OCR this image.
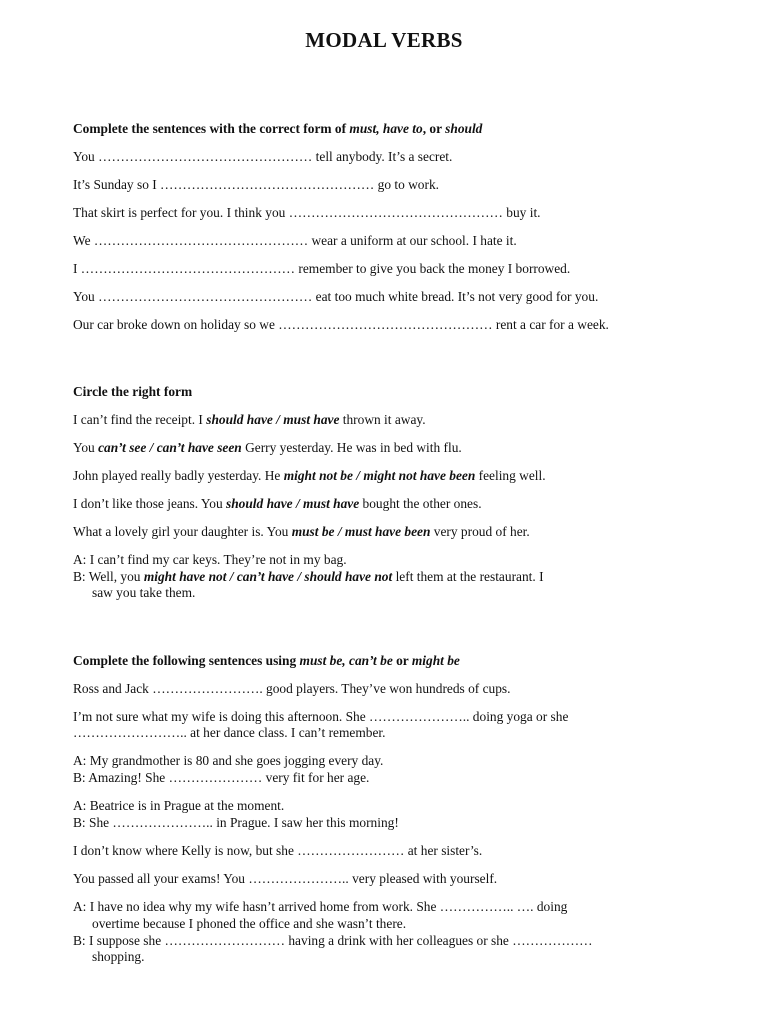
MODAL VERBS
Complete the sentences with the correct form of must, have to, or should
You ………………………………………… tell anybody. It’s a secret.
It’s Sunday so I ………………………………………… go to work.
That skirt is perfect for you. I think you ………………………………………… buy it.
We ………………………………………… wear a uniform at our school. I hate it.
I ………………………………………… remember to give you back the money I borrowed.
You ………………………………………… eat too much white bread. It’s not very good for you.
Our car broke down on holiday so we ………………………………………… rent a car for a week.
Circle the right form
I can’t find the receipt. I should have / must have thrown it away.
You can’t see / can’t have seen Gerry yesterday. He was in bed with flu.
John played really badly yesterday. He might not be / might not have been feeling well.
I don’t like those jeans. You should have / must have bought the other ones.
What a lovely girl your daughter is. You must be / must have been very proud of her.
A: I can’t find my car keys. They’re not in my bag.
B: Well, you might have not / can’t have / should have not left them at the restaurant. I
saw you take them.
Complete the following sentences using must be, can’t be or might be
Ross and Jack ……………………. good players. They’ve won hundreds of cups.
I’m not sure what my wife is doing this afternoon. She ………………….. doing yoga or she
…………………….. at her dance class. I can’t remember.
A: My grandmother is 80 and she goes jogging every day.
B: Amazing! She ………………… very fit for her age.
A: Beatrice is in Prague at the moment.
B: She ………………….. in Prague. I saw her this morning!
I don’t know where Kelly is now, but she …………………… at her sister’s.
You passed all your exams! You ………………….. very pleased with yourself.
A: I have no idea why my wife hasn’t arrived home from work. She …………….. …. doing
overtime because I phoned the office and she wasn’t there.
B: I suppose she ……………………… having a drink with her colleagues or she ………………
shopping.
